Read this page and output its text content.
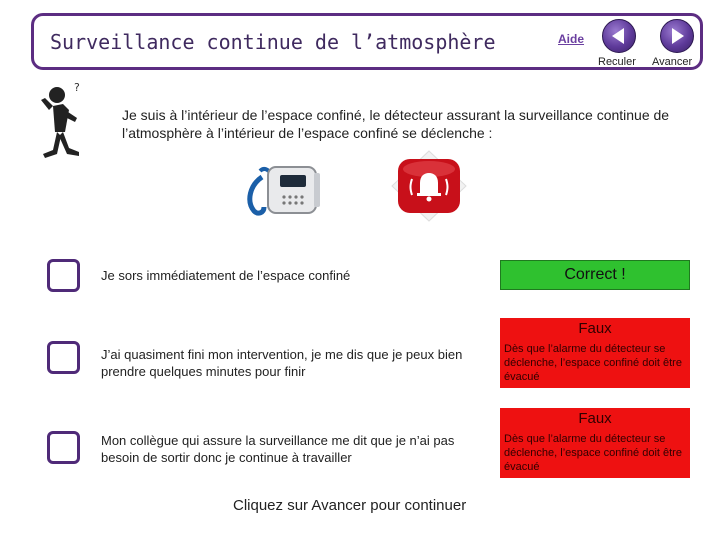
Surveillance continue de l’atmosphère	Aide
Reculer Avancer
?
Je suis à l’intérieur de l’espace confiné, le détecteur assurant la surveillance continue de l’atmosphère à l’intérieur de l’espace confiné se déclenche :
Je sors immédiatement de l’espace confiné	Correct !
J’ai quasiment fini mon intervention, je me dis que je peux bien prendre quelques minutes pour finir
Faux
Dès que l’alarme du détecteur se déclenche, l’espace confiné doit être évacué
Mon collègue qui assure la surveillance me dit que je n’ai pas besoin de sortir donc je continue à travailler
Faux
Dès que l’alarme du détecteur se déclenche, l’espace confiné doit être évacué
Cliquez sur Avancer pour continuer
